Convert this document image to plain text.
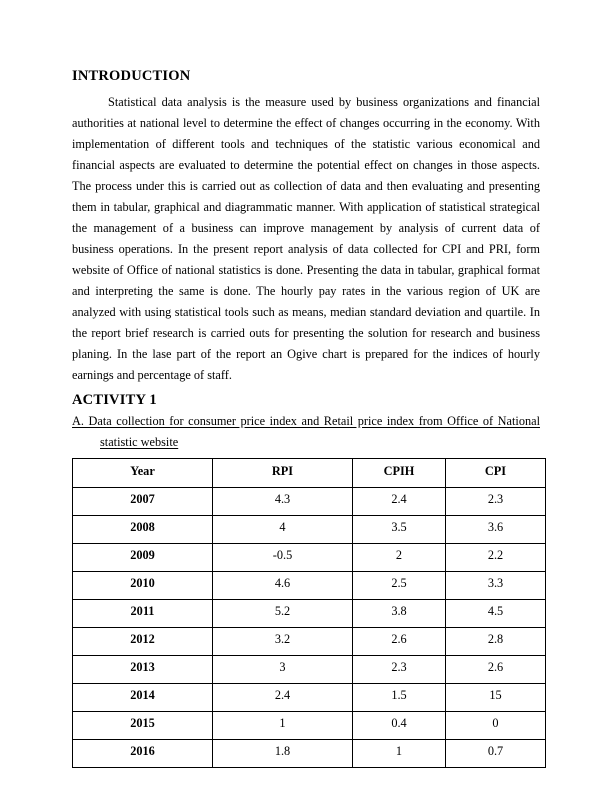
INTRODUCTION

Statistical data analysis is the measure used by business organizations and financial authorities at national level to determine the effect of changes occurring in the economy. With implementation of different tools and techniques of the statistic various economical and financial aspects are evaluated to determine the potential effect on changes in those aspects. The process under this is carried out as collection of data and then evaluating and presenting them in tabular, graphical and diagrammatic manner. With application of statistical strategical the management of a business can improve management by analysis of current data of business operations. In the present report analysis of data collected for CPI and PRI, form website of Office of national statistics is done. Presenting the data in tabular, graphical format and interpreting the same is done. The hourly pay rates in the various region of UK are analyzed with using statistical tools such as means, median standard deviation and quartile. In the report brief research is carried outs for presenting the solution for research and business planing. In the lase part of the report an Ogive chart is prepared for the indices of hourly earnings and percentage of staff.

ACTIVITY 1
A. Data collection for consumer price index and Retail price index from Office of National
statistic website
Year	RPI	CPIH	CPI
2007	4.3	2.4	2.3
2008	4	3.5	3.6
2009	-0.5	2	2.2
2010	4.6	2.5	3.3
2011	5.2	3.8	4.5
2012	3.2	2.6	2.8
2013	3	2.3	2.6
2014	2.4	1.5	15
2015	1	0.4	0
2016	1.8	1	0.7
